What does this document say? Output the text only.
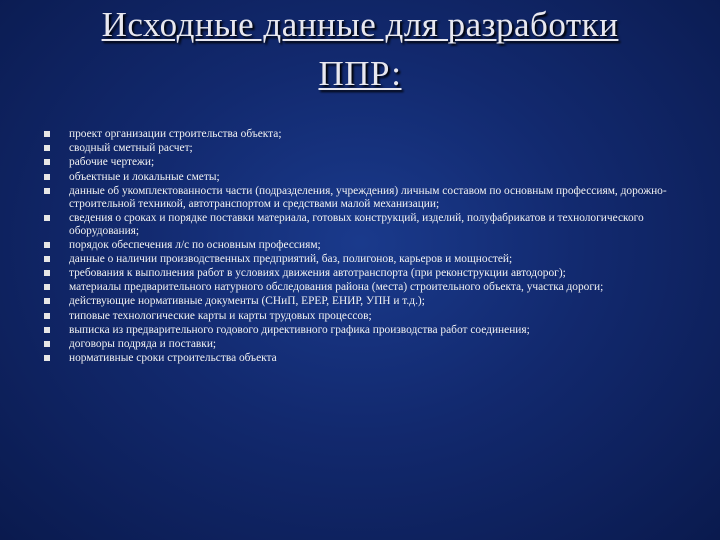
Исходные данные для разработки
ППР:
проект организации строительства объекта;
сводный сметный расчет;
рабочие чертежи;
объектные и локальные сметы;
данные об укомплектованности части (подразделения, учреждения) личным составом по основным профессиям, дорожно-строительной техникой, автотранспортом и средствами малой механизации;
сведения о сроках и порядке поставки материала, готовых конструкций, изделий, полуфабрикатов и технологического оборудования;
порядок обеспечения л/с по основным профессиям;
данные о наличии производственных предприятий, баз, полигонов, карьеров и мощностей;
требования к выполнения работ в условиях движения автотранспорта (при реконструкции автодорог);
материалы предварительного натурного обследования района (места) строительного объекта, участка дороги;
действующие нормативные документы (СНиП, ЕРЕР, ЕНИР, УПН и т.д.);
типовые технологические карты и карты трудовых процессов;
выписка из предварительного годового директивного графика производства работ соединения;
договоры подряда и поставки;
нормативные сроки строительства объекта
